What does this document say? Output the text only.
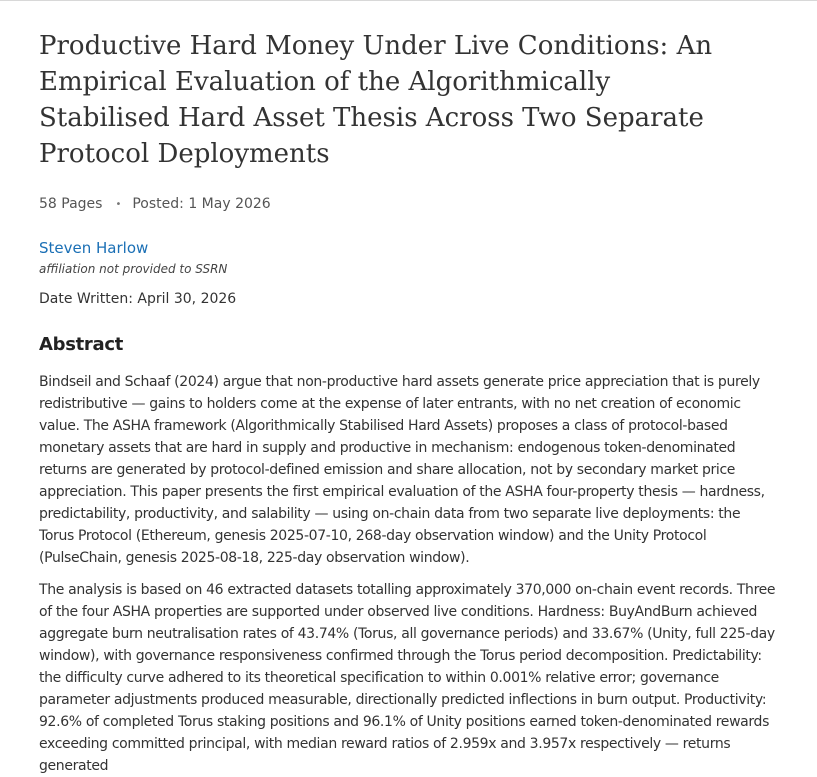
Productive Hard Money Under Live Conditions: An Empirical Evaluation of the Algorithmically Stabilised Hard Asset Thesis Across Two Separate Protocol Deployments
58 Pages • Posted: 1 May 2026
Steven Harlow
affiliation not provided to SSRN
Date Written: April 30, 2026
Abstract

Bindseil and Schaaf (2024) argue that non-productive hard assets generate price appreciation that is purely redistributive — gains to holders come at the expense of later entrants, with no net creation of economic value. The ASHA framework (Algorithmically Stabilised Hard Assets) proposes a class of protocol-based monetary assets that are hard in supply and productive in mechanism: endogenous token-denominated returns are generated by protocol-defined emission and share allocation, not by secondary market price appreciation. This paper presents the first empirical evaluation of the ASHA four-property thesis — hardness, predictability, productivity, and salability — using on-chain data from two separate live deployments: the Torus Protocol (Ethereum, genesis 2025-07-10, 268-day observation window) and the Unity Protocol (PulseChain, genesis 2025-08-18, 225-day observation window).

The analysis is based on 46 extracted datasets totalling approximately 370,000 on-chain event records. Three of the four ASHA properties are supported under observed live conditions. Hardness: BuyAndBurn achieved aggregate burn neutralisation rates of 43.74% (Torus, all governance periods) and 33.67% (Unity, full 225-day window), with governance responsiveness confirmed through the Torus period decomposition. Predictability: the difficulty curve adhered to its theoretical specification to within 0.001% relative error; governance parameter adjustments produced measurable, directionally predicted inflections in burn output. Productivity: 92.6% of completed Torus staking positions and 96.1% of Unity positions earned token-denominated rewards exceeding committed principal, with median reward ratios of 2.959x and 3.957x respectively — returns generated
